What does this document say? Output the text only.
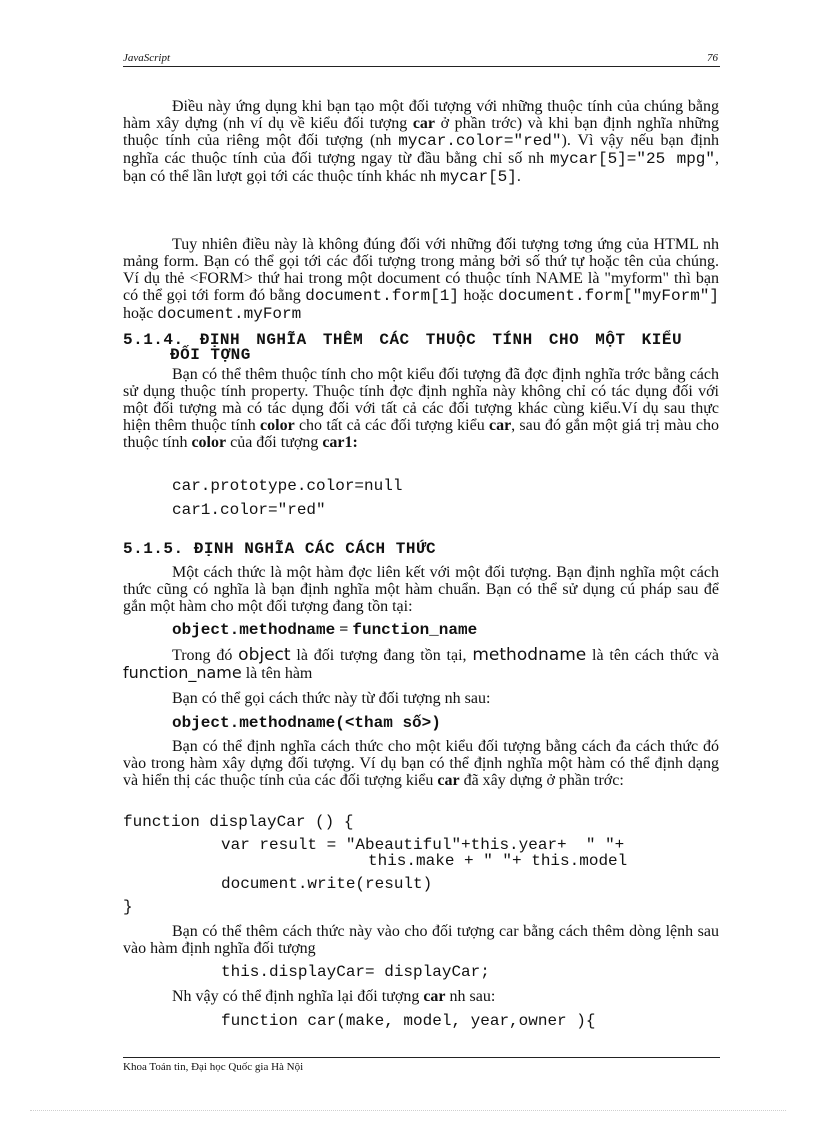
JavaScript	76

Điều này ứng dụng khi bạn tạo một đối tượng với những thuộc tính của chúng bằng hàm xây dựng (nh ví dụ về kiểu đối tượng car ở phần trớc) và khi bạn định nghĩa những thuộc tính của riêng một đối tượng (nh mycar.color="red"). Vì vậy nếu bạn định nghĩa các thuộc tính của đối tượng ngay từ đầu bằng chỉ số nh mycar[5]="25 mpg", bạn có thể lần lượt gọi tới các thuộc tính khác nh mycar[5].

Tuy nhiên điều này là không đúng đối với những đối tượng tơng ứng của HTML nh mảng form. Bạn có thể gọi tới các đối tượng trong mảng bởi số thứ tự hoặc tên của chúng. Ví dụ thẻ <FORM> thứ hai trong một document có thuộc tính NAME là "myform" thì bạn có thể gọi tới form đó bằng document.form[1] hoặc document.form["myForm"] hoặc document.myForm

5.1.4. ĐỊNH NGHĨA THÊM CÁC THUỘC TÍNH CHO MỘT KIỂU
ĐỐI TỢNG

Bạn có thể thêm thuộc tính cho một kiểu đối tượng đã đợc định nghĩa trớc bằng cách sử dụng thuộc tính property. Thuộc tính đợc định nghĩa này không chỉ có tác dụng đối với một đối tượng mà có tác dụng đối với tất cả các đối tượng khác cùng kiểu.Ví dụ sau thực hiện thêm thuộc tính color cho tất cả các đối tượng kiểu car, sau đó gắn một giá trị màu cho thuộc tính color của đối tượng car1:

car.prototype.color=null
car1.color="red"
5.1.5. ĐỊNH NGHĨA CÁC CÁCH THỨC

Một cách thức là một hàm đợc liên kết với một đối tượng. Bạn định nghĩa một cách thức cũng có nghĩa là bạn định nghĩa một hàm chuẩn. Bạn có thể sử dụng cú pháp sau để gắn một hàm cho một đối tượng đang tồn tại:

object.methodname = function_name

Trong đó object là đối tượng đang tồn tại, methodname là tên cách thức và function_name là tên hàm

Bạn có thể gọi cách thức này từ đối tượng nh sau:

object.methodname(<tham số>)

Bạn có thể định nghĩa cách thức cho một kiểu đối tượng bằng cách đa cách thức đó vào trong hàm xây dựng đối tượng. Ví dụ bạn có thể định nghĩa một hàm có thể định dạng và hiển thị các thuộc tính của các đối tượng kiểu car đã xây dựng ở phần trớc:

function displayCar () {
var result = "Abeautiful"+this.year+  " "+
this.make + " "+ this.model
document.write(result)
}

Bạn có thể thêm cách thức này vào cho đối tượng car bằng cách thêm dòng lệnh sau vào hàm định nghĩa đối tượng

this.displayCar= displayCar;

Nh vậy có thể định nghĩa lại đối tượng car nh sau:

function car(make, model, year,owner ){
Khoa Toán tin, Đại học Quốc gia Hà Nội
